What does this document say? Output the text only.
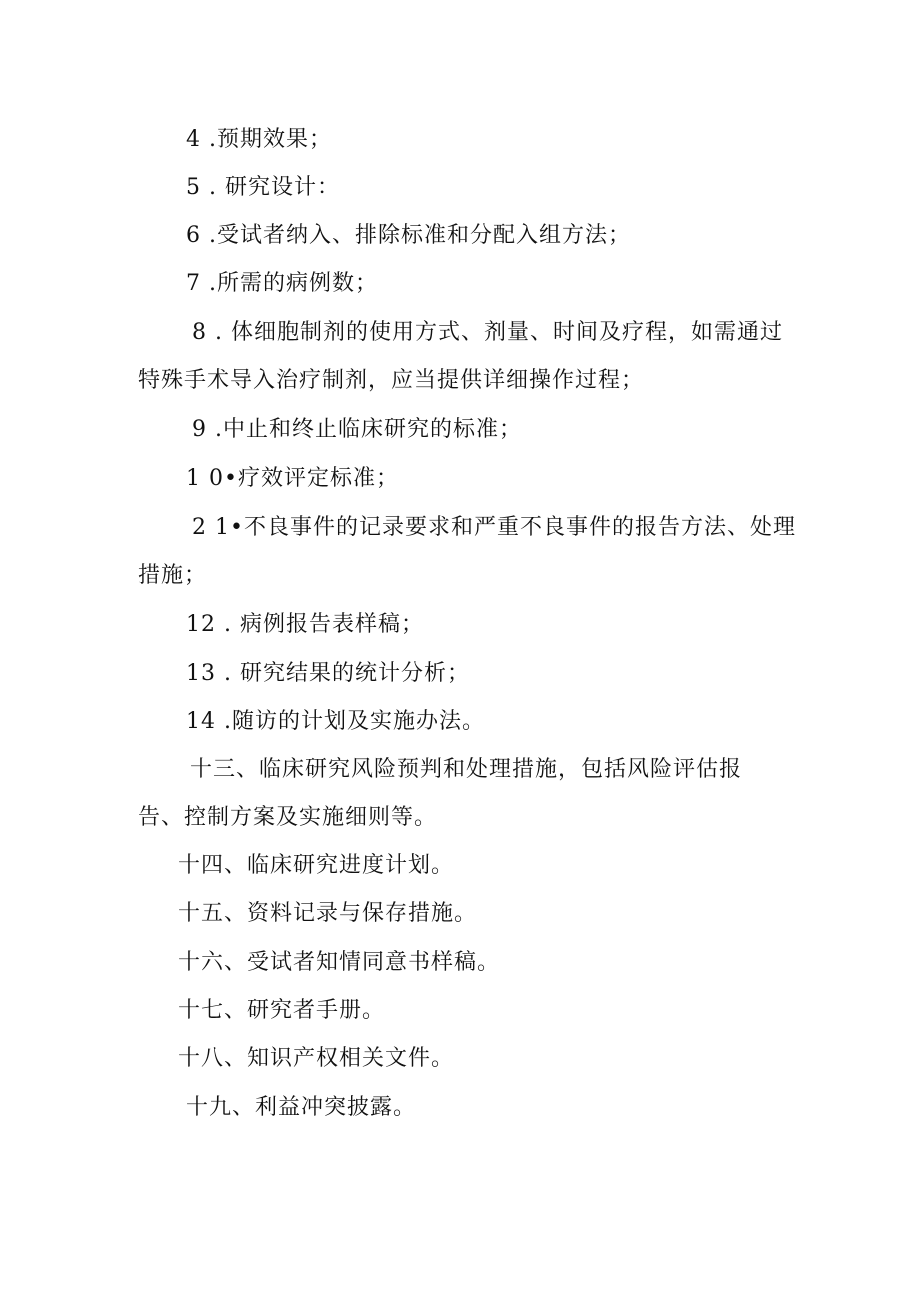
4 .预期效果；
5 . 研究设计：
6 .受试者纳入、排除标准和分配入组方法；
7 .所需的病例数；
8 . 体细胞制剂的使用方式、剂量、时间及疗程，如需通过
特殊手术导入治疗制剂，应当提供详细操作过程；
9 .中止和终止临床研究的标准；
1 0•疗效评定标准；
2 1•不良事件的记录要求和严重不良事件的报告方法、处理
措施；
12 . 病例报告表样稿；
13 . 研究结果的统计分析；
14 .随访的计划及实施办法。
十三、临床研究风险预判和处理措施，包括风险评估报
告、控制方案及实施细则等。
十四、临床研究进度计划。
十五、资料记录与保存措施。
十六、受试者知情同意书样稿。
十七、研究者手册。
十八、知识产权相关文件。
十九、利益冲突披露。
